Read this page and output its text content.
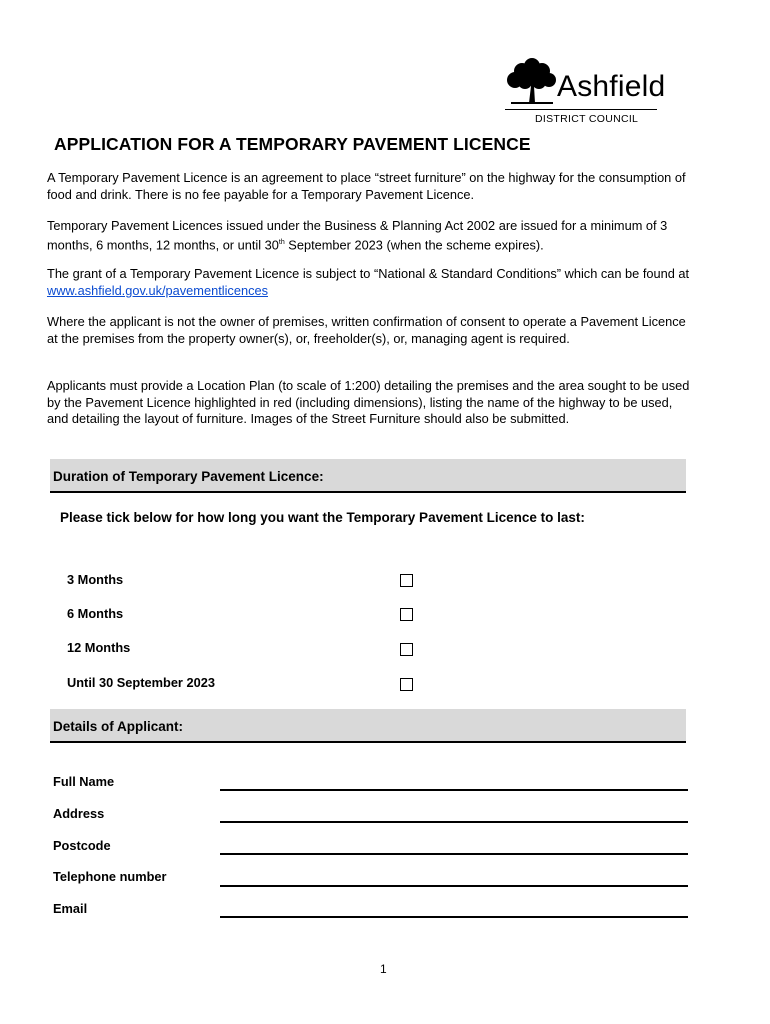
Ashfield
DISTRICT COUNCIL
APPLICATION FOR A TEMPORARY PAVEMENT LICENCE

A Temporary Pavement Licence is an agreement to place “street furniture” on the highway for the consumption of food and drink. There is no fee payable for a Temporary Pavement Licence.

Temporary Pavement Licences issued under the Business & Planning Act 2002 are issued for a minimum of 3 months, 6 months, 12 months, or until 30th September 2023 (when the scheme expires).

The grant of a Temporary Pavement Licence is subject to “National & Standard Conditions” which can be found at www.ashfield.gov.uk/pavementlicences

Where the applicant is not the owner of premises, written confirmation of consent to operate a Pavement Licence at the premises from the property owner(s), or, freeholder(s), or, managing agent is required.

Applicants must provide a Location Plan (to scale of 1:200) detailing the premises and the area sought to be used by the Pavement Licence highlighted in red (including dimensions), listing the name of the highway to be used, and detailing the layout of furniture. Images of the Street Furniture should also be submitted.

Duration of Temporary Pavement Licence:

Please tick below for how long you want the Temporary Pavement Licence to last:

3 Months
6 Months
12 Months
Until 30 September 2023
Details of Applicant:
Full Name
Address
Postcode
Telephone number
Email
1
